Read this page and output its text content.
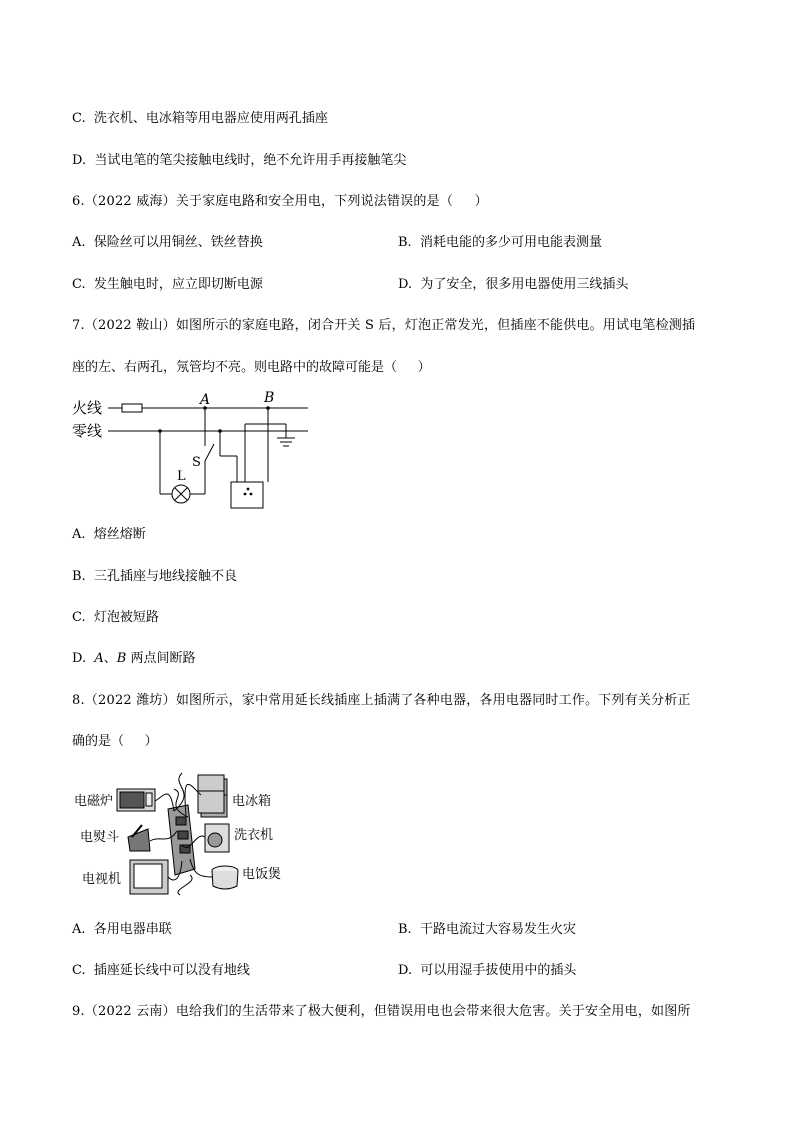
C.  洗衣机、电冰箱等用电器应使用两孔插座
D.  当试电笔的笔尖接触电线时，绝不允许用手再接触笔尖
6.（2022 威海）关于家庭电路和安全用电，下列说法错误的是（     ）
A.  保险丝可以用铜丝、铁丝替换	B.  消耗电能的多少可用电能表测量
C.  发生触电时，应立即切断电源	D.  为了安全，很多用电器使用三线插头
7.（2022 鞍山）如图所示的家庭电路，闭合开关 S 后，灯泡正常发光，但插座不能供电。用试电笔检测插
座的左、右两孔，氖管均不亮。则电路中的故障可能是（     ）
火线
零线
A	B
S
L
A.  熔丝熔断
B.  三孔插座与地线接触不良
C.  灯泡被短路
D.  A、B 两点间断路
8.（2022 潍坊）如图所示，家中常用延长线插座上插满了各种电器，各用电器同时工作。下列有关分析正
确的是（     ）
电磁炉	电冰箱
电熨斗	洗衣机
电视机	电饭煲
A.  各用电器串联	B.  干路电流过大容易发生火灾
C.  插座延长线中可以没有地线	D.  可以用湿手拔使用中的插头
9.（2022 云南）电给我们的生活带来了极大便利，但错误用电也会带来很大危害。关于安全用电，如图所
